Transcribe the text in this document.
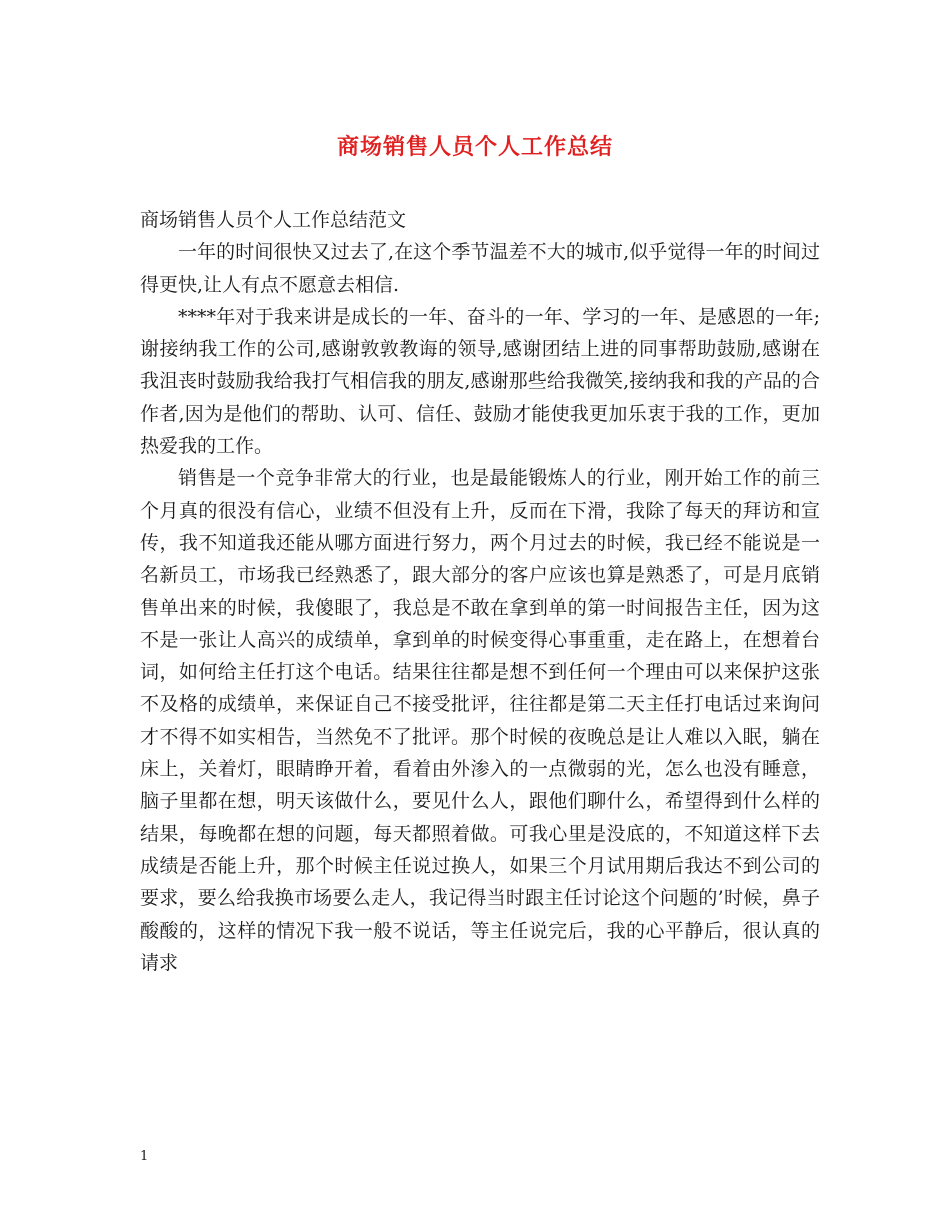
商场销售人员个人工作总结

商场销售人员个人工作总结范文

一年的时间很快又过去了,在这个季节温差不大的城市,似乎觉得一年的时间过得更快,让人有点不愿意去相信.

****年对于我来讲是成长的一年、奋斗的一年、学习的一年、是感恩的一年;谢接纳我工作的公司,感谢敦敦教诲的领导,感谢团结上进的同事帮助鼓励,感谢在我沮丧时鼓励我给我打气相信我的朋友,感谢那些给我微笑,接纳我和我的产品的合作者,因为是他们的帮助、认可、信任、鼓励才能使我更加乐衷于我的工作，更加热爱我的工作。

销售是一个竞争非常大的行业，也是最能锻炼人的行业，刚开始工作的前三个月真的很没有信心，业绩不但没有上升，反而在下滑，我除了每天的拜访和宣传，我不知道我还能从哪方面进行努力，两个月过去的时候，我已经不能说是一名新员工，市场我已经熟悉了，跟大部分的客户应该也算是熟悉了，可是月底销售单出来的时候，我傻眼了，我总是不敢在拿到单的第一时间报告主任，因为这不是一张让人高兴的成绩单，拿到单的时候变得心事重重，走在路上，在想着台词，如何给主任打这个电话。结果往往都是想不到任何一个理由可以来保护这张不及格的成绩单，来保证自己不接受批评，往往都是第二天主任打电话过来询问才不得不如实相告，当然免不了批评。那个时候的夜晚总是让人难以入眠，躺在床上，关着灯，眼睛睁开着，看着由外渗入的一点微弱的光，怎么也没有睡意，脑子里都在想，明天该做什么，要见什么人，跟他们聊什么，希望得到什么样的结果，每晚都在想的问题，每天都照着做。可我心里是没底的，不知道这样下去成绩是否能上升，那个时候主任说过换人，如果三个月试用期后我达不到公司的要求，要么给我换市场要么走人，我记得当时跟主任讨论这个问题的’时候，鼻子酸酸的，这样的情况下我一般不说话，等主任说完后，我的心平静后，很认真的请求

1
